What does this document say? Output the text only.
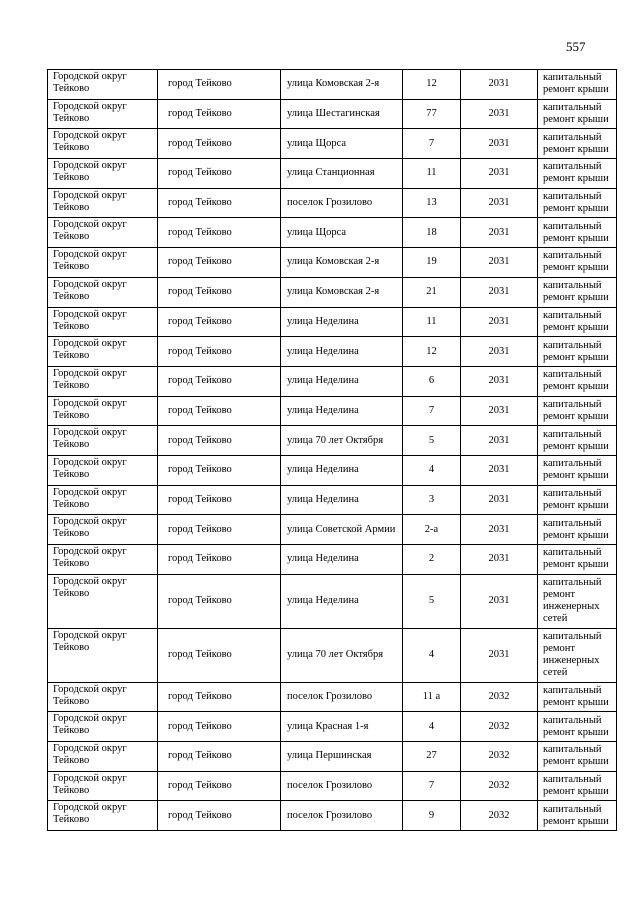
557
Городской округ Тейково	город Тейково	улица Комовская 2-я	12	2031	капитальный ремонт крыши
Городской округ Тейково	город Тейково	улица Шестагинская	77	2031	капитальный ремонт крыши
Городской округ Тейково	город Тейково	улица Щорса	7	2031	капитальный ремонт крыши
Городской округ Тейково	город Тейково	улица Станционная	11	2031	капитальный ремонт крыши
Городской округ Тейково	город Тейково	поселок Грозилово	13	2031	капитальный ремонт крыши
Городской округ Тейково	город Тейково	улица Щорса	18	2031	капитальный ремонт крыши
Городской округ Тейково	город Тейково	улица Комовская 2-я	19	2031	капитальный ремонт крыши
Городской округ Тейково	город Тейково	улица Комовская 2-я	21	2031	капитальный ремонт крыши
Городской округ Тейково	город Тейково	улица Неделина	11	2031	капитальный ремонт крыши
Городской округ Тейково	город Тейково	улица Неделина	12	2031	капитальный ремонт крыши
Городской округ Тейково	город Тейково	улица Неделина	6	2031	капитальный ремонт крыши
Городской округ Тейково	город Тейково	улица Неделина	7	2031	капитальный ремонт крыши
Городской округ Тейково	город Тейково	улица 70 лет Октября	5	2031	капитальный ремонт крыши
Городской округ Тейково	город Тейково	улица Неделина	4	2031	капитальный ремонт крыши
Городской округ Тейково	город Тейково	улица Неделина	3	2031	капитальный ремонт крыши
Городской округ Тейково	город Тейково	улица Советской Армии	2-а	2031	капитальный ремонт крыши
Городской округ Тейково	город Тейково	улица Неделина	2	2031	капитальный ремонт крыши
Городской округ Тейково	город Тейково	улица Неделина	5	2031	капитальный ремонт инженерных сетей
Городской округ Тейково	город Тейково	улица 70 лет Октября	4	2031	капитальный ремонт инженерных сетей
Городской округ Тейково	город Тейково	поселок Грозилово	11 а	2032	капитальный ремонт крыши
Городской округ Тейково	город Тейково	улица Красная 1-я	4	2032	капитальный ремонт крыши
Городской округ Тейково	город Тейково	улица Першинская	27	2032	капитальный ремонт крыши
Городской округ Тейково	город Тейково	поселок Грозилово	7	2032	капитальный ремонт крыши
Городской округ Тейково	город Тейково	поселок Грозилово	9	2032	капитальный ремонт крыши
